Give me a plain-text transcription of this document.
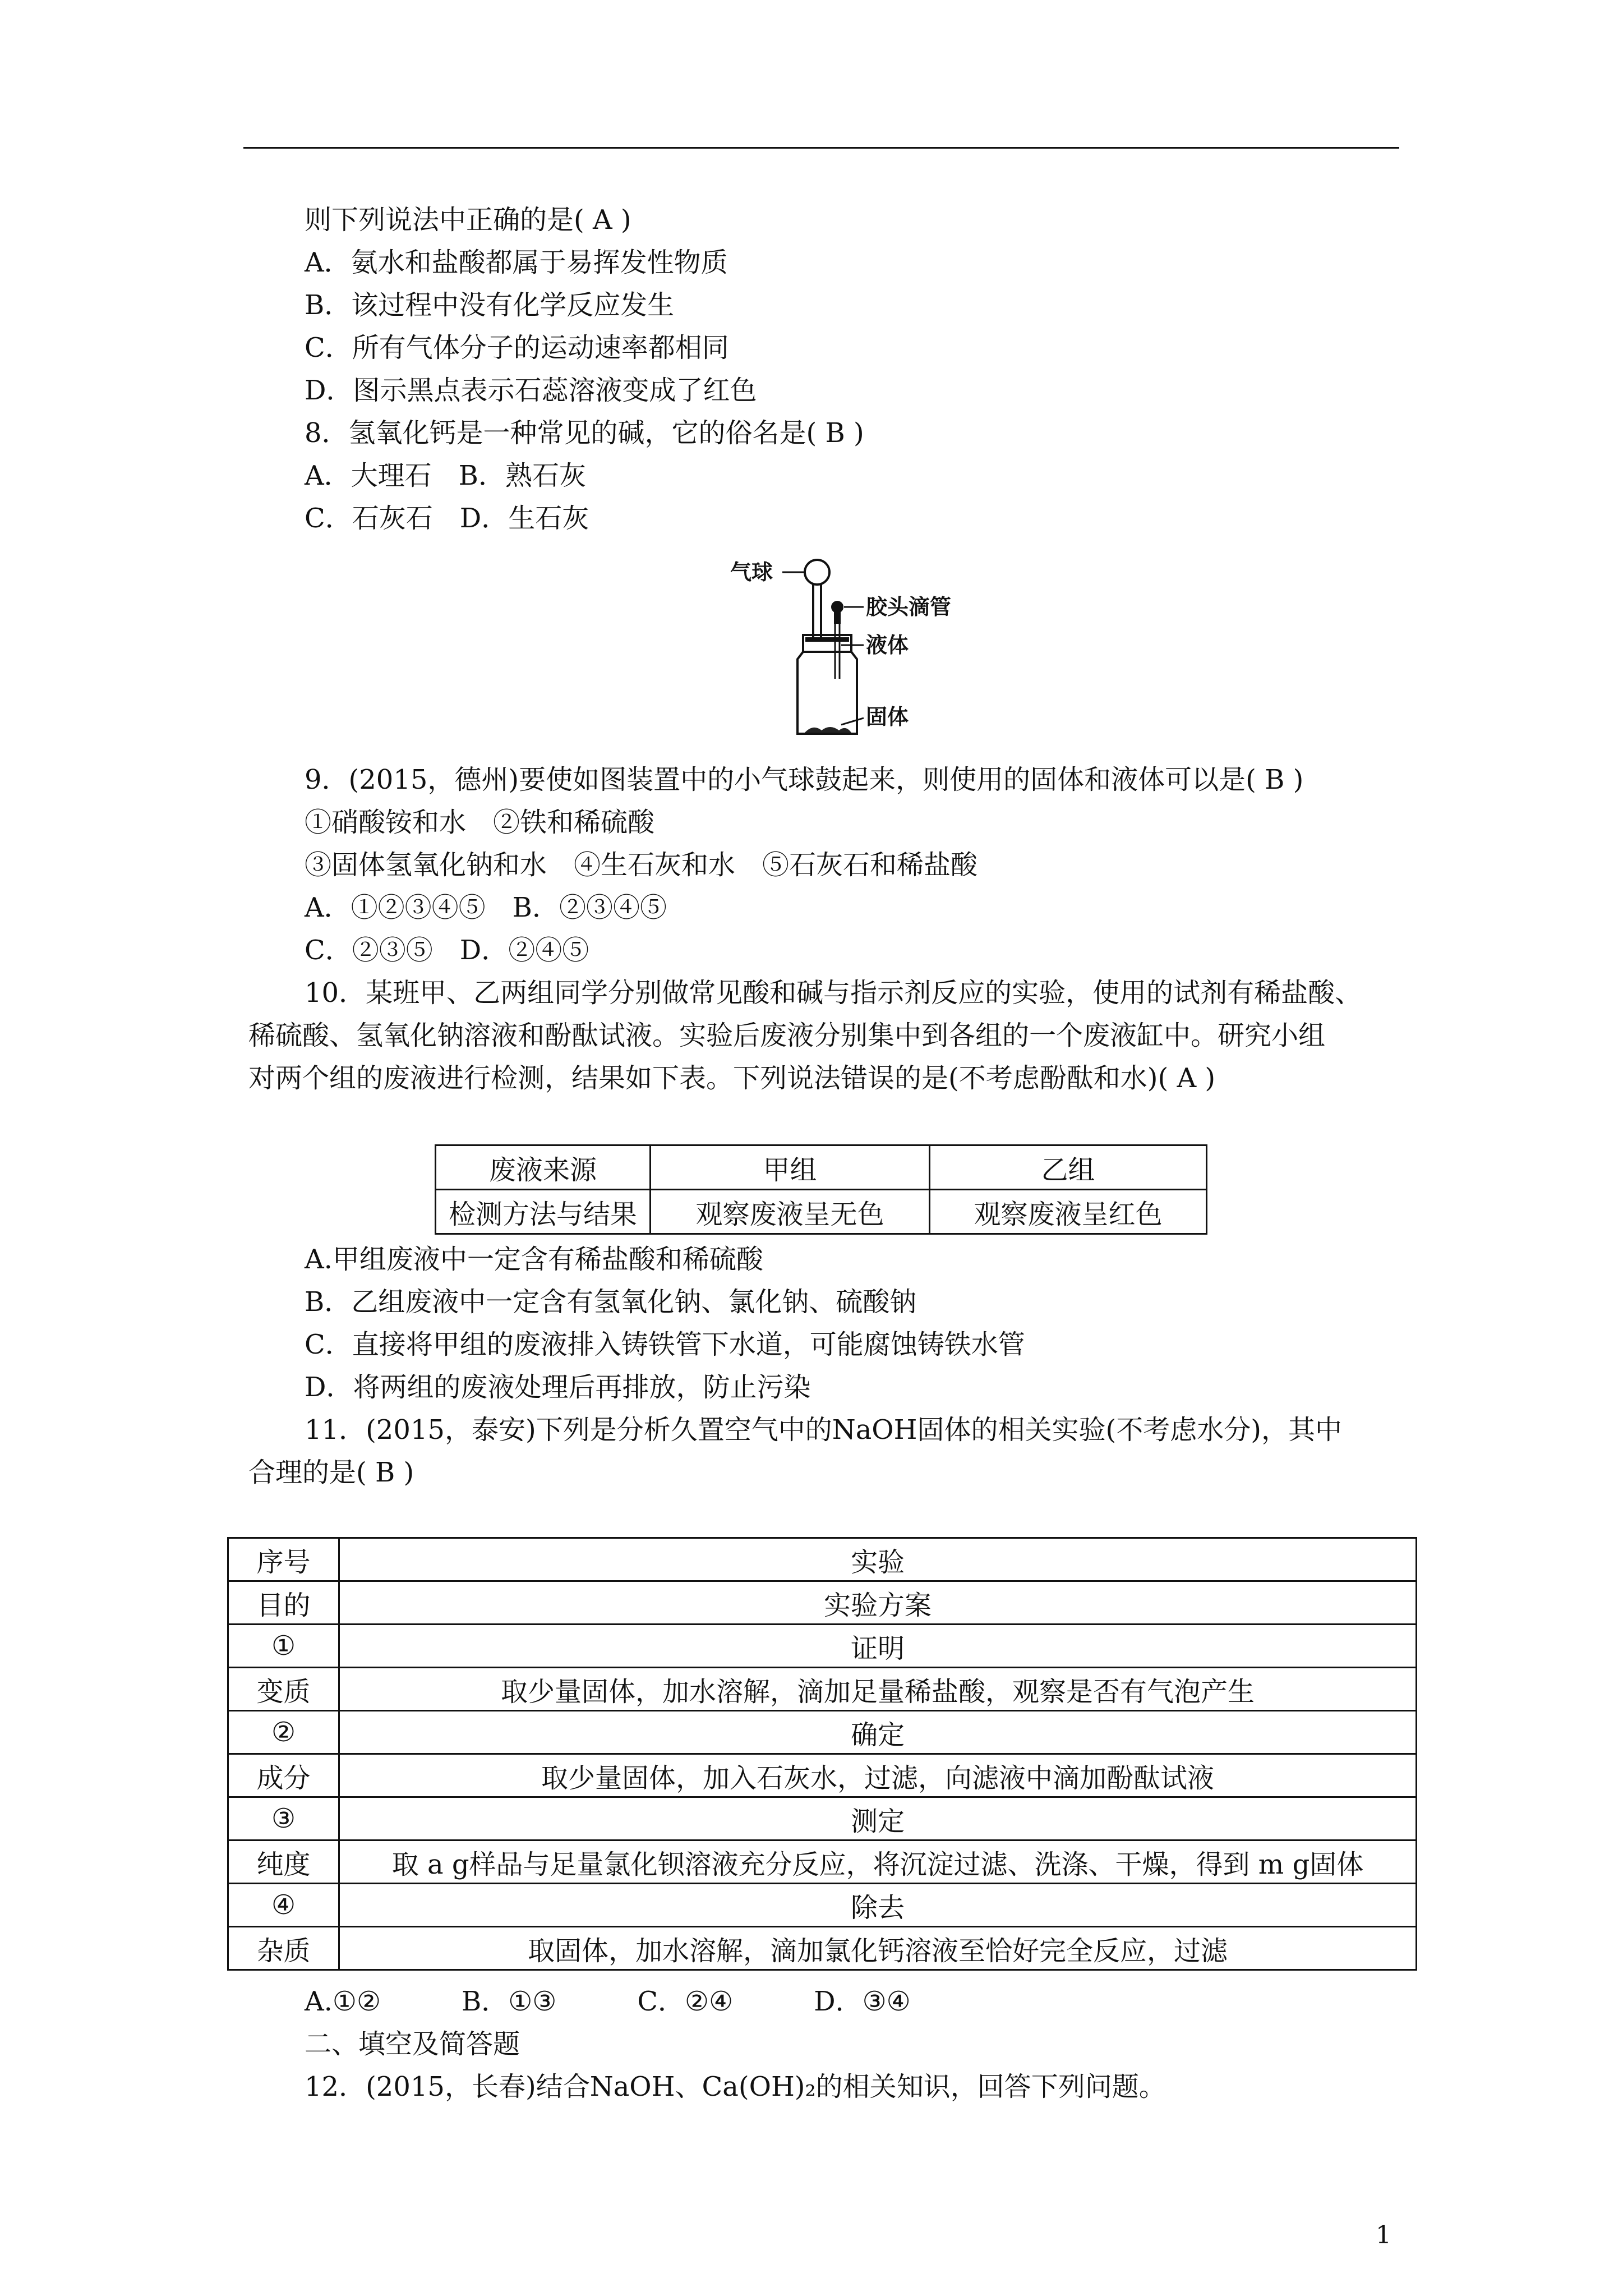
则下列说法中正确的是( A )
A．氨水和盐酸都属于易挥发性物质
B．该过程中没有化学反应发生
C．所有气体分子的运动速率都相同
D．图示黑点表示石蕊溶液变成了红色
8．氢氧化钙是一种常见的碱，它的俗名是( B )
A．大理石　B．熟石灰
C．石灰石　D．生石灰
气球
胶头滴管
液体
固体
9．(2015，德州)要使如图装置中的小气球鼓起来，则使用的固体和液体可以是( B )
①硝酸铵和水　②铁和稀硫酸
③固体氢氧化钠和水　④生石灰和水　⑤石灰石和稀盐酸
A．①②③④⑤　B．②③④⑤
C．②③⑤　D．②④⑤
10．某班甲、乙两组同学分别做常见酸和碱与指示剂反应的实验，使用的试剂有稀盐酸、
稀硫酸、氢氧化钠溶液和酚酞试液。实验后废液分别集中到各组的一个废液缸中。研究小组
对两个组的废液进行检测，结果如下表。下列说法错误的是(不考虑酚酞和水)( A )
废液来源	甲组	乙组
检测方法与结果	观察废液呈无色	观察废液呈红色
A.甲组废液中一定含有稀盐酸和稀硫酸
B．乙组废液中一定含有氢氧化钠、氯化钠、硫酸钠
C．直接将甲组的废液排入铸铁管下水道，可能腐蚀铸铁水管
D．将两组的废液处理后再排放，防止污染
11．(2015，泰安)下列是分析久置空气中的NaOH固体的相关实验(不考虑水分)，其中
合理的是( B )
序号	实验
目的	实验方案
①	证明
变质	取少量固体，加水溶解，滴加足量稀盐酸，观察是否有气泡产生
②	确定
成分	取少量固体，加入石灰水，过滤，向滤液中滴加酚酞试液
③	测定
纯度	取 a g样品与足量氯化钡溶液充分反应，将沉淀过滤、洗涤、干燥，得到 m g固体
④	除去
杂质	取固体，加水溶解，滴加氯化钙溶液至恰好完全反应，过滤
A.①②　　　B．①③　　　C．②④　　　D．③④
二、填空及简答题
12．(2015，长春)结合NaOH、Ca(OH)₂的相关知识，回答下列问题。
1
